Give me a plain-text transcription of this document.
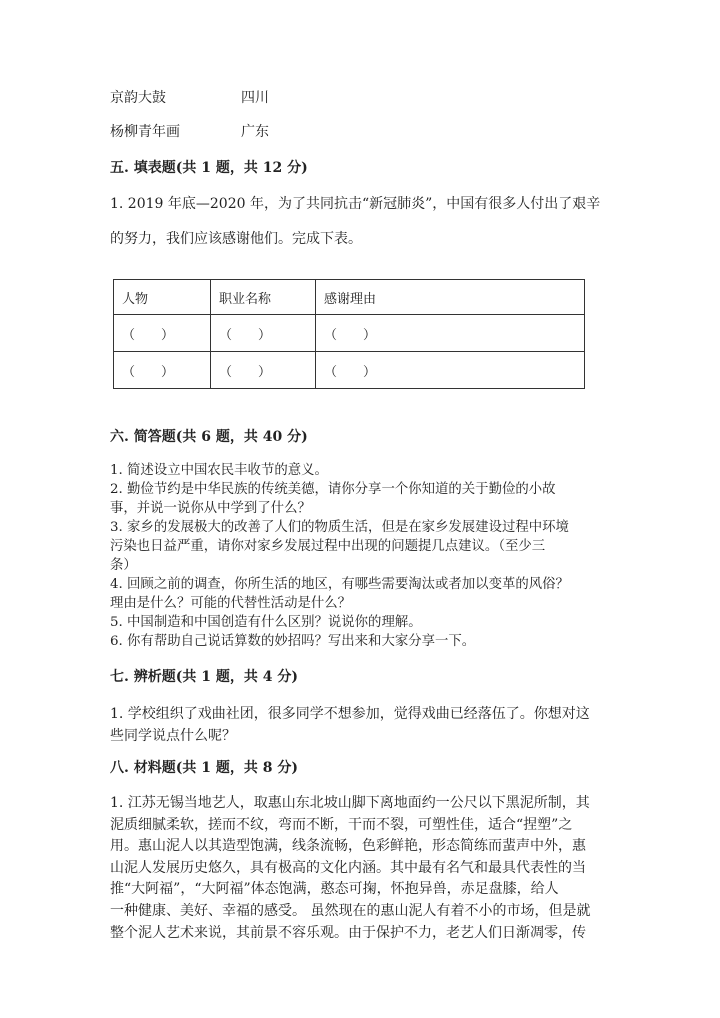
京韵大鼓	四川
杨柳青年画	广东
五. 填表题(共 1 题，共 12 分)
1. 2019 年底—2020 年，为了共同抗击“新冠肺炎”，中国有很多人付出了艰辛
的努力，我们应该感谢他们。完成下表。
人物	职业名称	感谢理由
（　　）	（　　）	（　　）
（　　）	（　　）	（　　）
六. 简答题(共 6 题，共 40 分)
1. 简述设立中国农民丰收节的意义。
2. 勤俭节约是中华民族的传统美德，请你分享一个你知道的关于勤俭的小故
事，并说一说你从中学到了什么？
3. 家乡的发展极大的改善了人们的物质生活，但是在家乡发展建设过程中环境
污染也日益严重，请你对家乡发展过程中出现的问题提几点建议。（至少三
条）
4. 回顾之前的调查，你所生活的地区，有哪些需要淘汰或者加以变革的风俗？
理由是什么？可能的代替性活动是什么？
5. 中国制造和中国创造有什么区别？说说你的理解。
6. 你有帮助自己说话算数的妙招吗？写出来和大家分享一下。
七. 辨析题(共 1 题，共 4 分)
1. 学校组织了戏曲社团，很多同学不想参加，觉得戏曲已经落伍了。你想对这
些同学说点什么呢？
八. 材料题(共 1 题，共 8 分)
1. 江苏无锡当地艺人，取惠山东北坡山脚下离地面约一公尺以下黑泥所制，其
泥质细腻柔软，搓而不纹，弯而不断，干而不裂，可塑性佳，适合“捏塑”之
用。惠山泥人以其造型饱满，线条流畅，色彩鲜艳，形态简练而蜚声中外，惠
山泥人发展历史悠久，具有极高的文化内涵。其中最有名气和最具代表性的当
推“大阿福”，“大阿福”体态饱满，憨态可掬，怀抱异兽，赤足盘膝，给人
一种健康、美好、幸福的感受。 虽然现在的惠山泥人有着不小的市场，但是就
整个泥人艺术来说，其前景不容乐观。由于保护不力，老艺人们日渐凋零，传
